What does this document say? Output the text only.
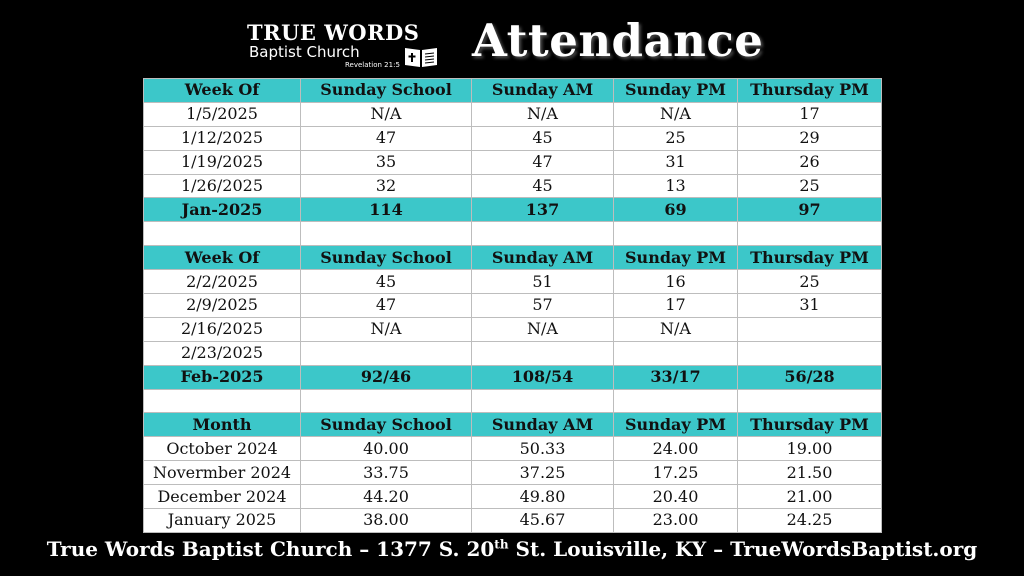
TRUE WORDS
Baptist Church
Revelation 21:5 Attendance
Week Of	Sunday School	Sunday AM	Sunday PM	Thursday PM
1/5/2025	N/A	N/A	N/A	17
1/12/2025	47	45	25	29
1/19/2025	35	47	31	26
1/26/2025	32	45	13	25
Jan-2025	114	137	69	97

Week Of	Sunday School	Sunday AM	Sunday PM	Thursday PM
2/2/2025	45	51	16	25
2/9/2025	47	57	17	31
2/16/2025	N/A	N/A	N/A	
2/23/2025				
Feb-2025	92/46	108/54	33/17	56/28

Month	Sunday School	Sunday AM	Sunday PM	Thursday PM
October 2024	40.00	50.33	24.00	19.00
Novermber 2024	33.75	37.25	17.25	21.50
December 2024	44.20	49.80	20.40	21.00
January 2025	38.00	45.67	23.00	24.25
True Words Baptist Church – 1377 S. 20th St. Louisville, KY – TrueWordsBaptist.org
